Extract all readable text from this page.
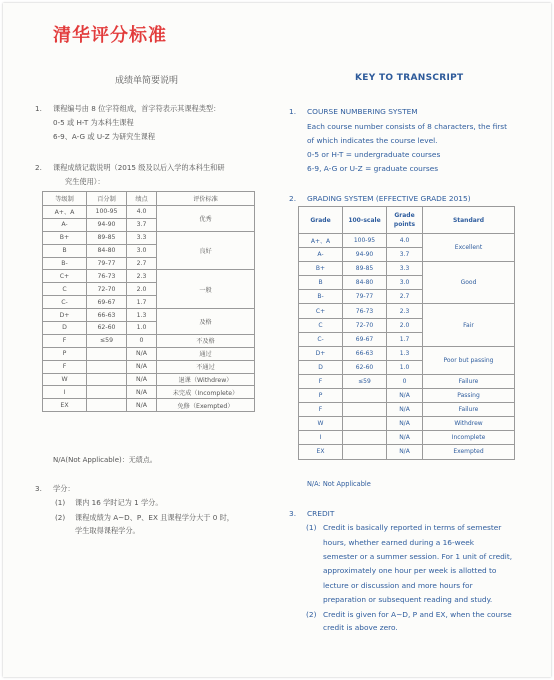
清华评分标准
成绩单简要说明
1. 课程编号由 8 位字符组成，首字符表示其课程类型：
0-5 或 H-T 为本科生课程
6-9、A-G 或 U-Z 为研究生课程
2. 课程成绩记载说明（2015 级及以后入学的本科生和研
究生使用）：
等级制	百分制	绩点	评价标准
A+、A	100-95	4.0	优秀
A-	94-90	3.7	
B+	89-85	3.3	良好
B	84-80	3.0	
B-	79-77	2.7	
C+	76-73	2.3	一般
C	72-70	2.0	
C-	69-67	1.7	
D+	66-63	1.3	及格
D	62-60	1.0	
F	≤59	0	不及格
P		N/A	通过
F		N/A	不通过
W		N/A	退课（Withdrew）
I		N/A	未完成（Incomplete）
EX		N/A	免修（Exempted）
N/A(Not Applicable)：无绩点。
3. 学分：
(1) 课内 16 学时记为 1 学分。
(2) 课程成绩为 A~D、P、EX 且课程学分大于 0 时，
学生取得课程学分。
KEY TO TRANSCRIPT
1. COURSE NUMBERING SYSTEM
Each course number consists of 8 characters, the first
of which indicates the course level.
0-5 or H-T = undergraduate courses
6-9, A-G or U-Z = graduate courses
2. GRADING SYSTEM (EFFECTIVE GRADE 2015)
Grade	100-scale	Grade points	Standard
A+、A	100-95	4.0	Excellent
A-	94-90	3.7	
B+	89-85	3.3	Good
B	84-80	3.0	
B-	79-77	2.7	
C+	76-73	2.3	Fair
C	72-70	2.0	
C-	69-67	1.7	
D+	66-63	1.3	Poor but passing
D	62-60	1.0	
F	≤59	0	Failure
P		N/A	Passing
F		N/A	Failure
W		N/A	Withdrew
I		N/A	Incomplete
EX		N/A	Exempted
N/A: Not Applicable
3. CREDIT
(1) Credit is basically reported in terms of semester
hours, whether earned during a 16-week
semester or a summer session. For 1 unit of credit,
approximately one hour per week is allotted to
lecture or discussion and more hours for
preparation or subsequent reading and study.
(2) Credit is given for A~D, P and EX, when the course
credit is above zero.
